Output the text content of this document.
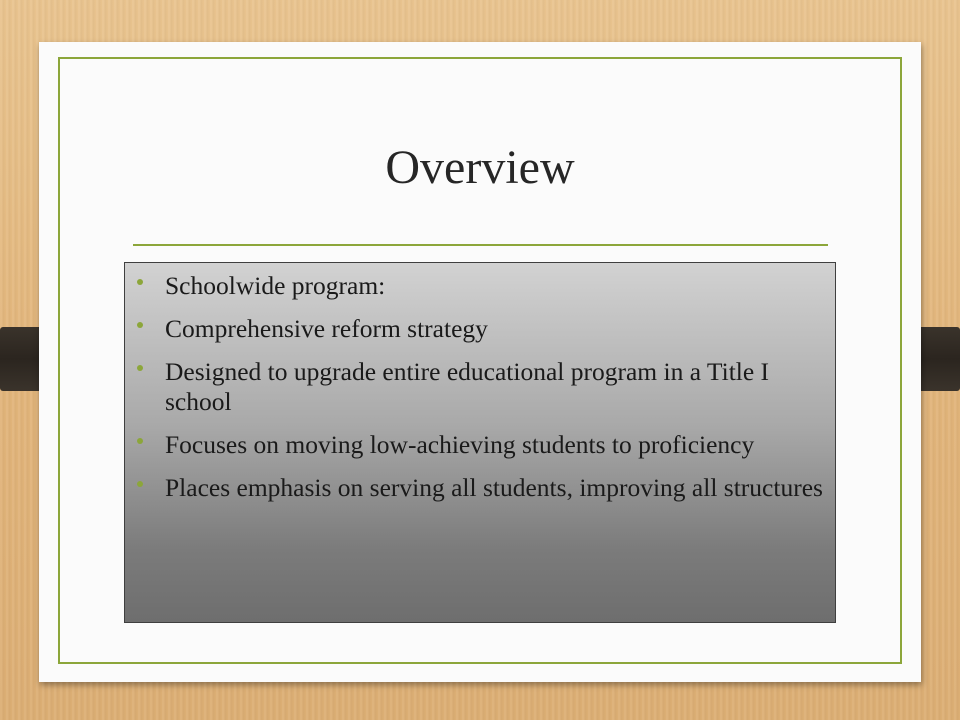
Overview
Schoolwide program:
Comprehensive reform strategy
Designed to upgrade entire educational program in a Title I school
Focuses on moving low-achieving students to proficiency
Places emphasis on serving all students, improving all structures
